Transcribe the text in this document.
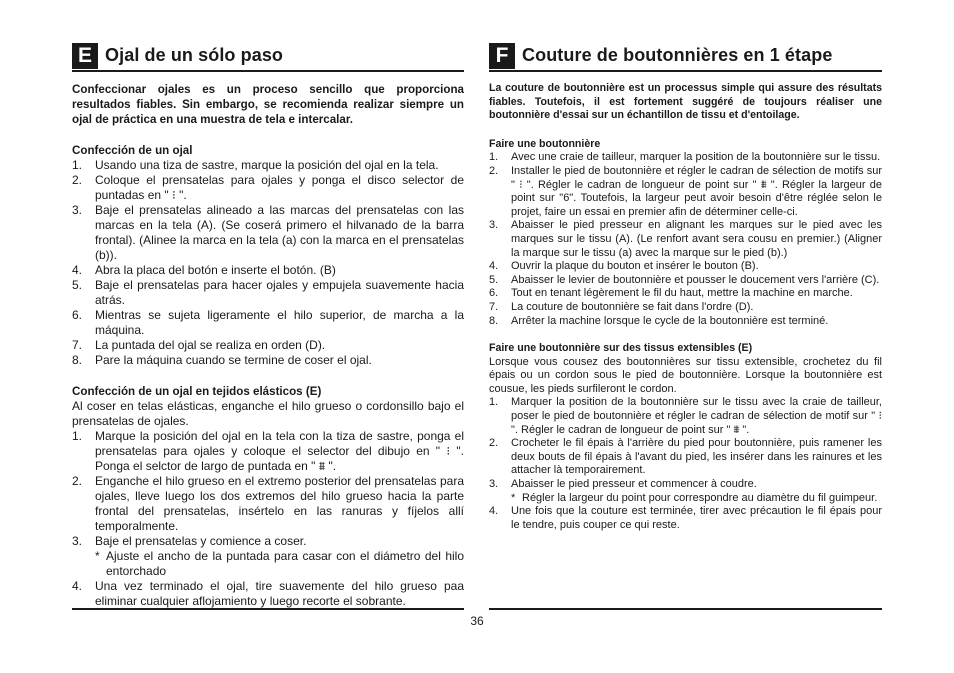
E Ojal de un sólo paso

Confeccionar ojales es un proceso sencillo que proporciona resultados fiables. Sin embargo, se recomienda realizar siempre un ojal de práctica en una muestra de tela e intercalar.

Confección de un ojal

1. Usando una tiza de sastre, marque la posición del ojal en la tela.
2. Coloque el prensatelas para ojales y ponga el disco selector de puntadas en " ⁝ ".
3. Baje el prensatelas alineado a las marcas del prensatelas con las marcas en la tela (A). (Se coserá primero el hilvanado de la barra frontal). (Alinee la marca en la tela (a) con la marca en el prensatelas (b)).
4. Abra la placa del botón e inserte el botón. (B)
5. Baje el prensatelas para hacer ojales y empujela suavemente hacia atrás.
6. Mientras se sujeta ligeramente el hilo superior, de marcha a la máquina.
7. La puntada del ojal se realiza en orden (D).
8. Pare la máquina cuando se termine de coser el ojal.

Confección de un ojal en tejidos elásticos (E)

Al coser en telas elásticas, enganche el hilo grueso o cordonsillo bajo el prensatelas de ojales.

1. Marque la posición del ojal en la tela con la tiza de sastre, ponga el prensatelas para ojales y coloque el selector del dibujo en " ⁝ ". Ponga el selctor de largo de puntada en " ⩩ ".
2. Enganche el hilo grueso en el extremo posterior del prensatelas para ojales, lleve luego los dos extremos del hilo grueso hacia la parte frontal del prensatelas, insértelo en las ranuras y fíjelos allí temporalmente.
3. Baje el prensatelas y comience a coser.
* Ajuste el ancho de la puntada para casar con el diámetro del hilo entorchado
4. Una vez terminado el ojal, tire suavemente del hilo grueso paa eliminar cualquier aflojamiento y luego recorte el sobrante.
F Couture de boutonnières en 1 étape

La couture de boutonnière est un processus simple qui assure des résultats fiables. Toutefois, il est fortement suggéré de toujours réaliser une boutonnière d'essai sur un échantillon de tissu et d'entoilage.

Faire une boutonnière

1. Avec une craie de tailleur, marquer la position de la boutonnière sur le tissu.
2. Installer le pied de boutonnière et régler le cadran de sélection de motifs sur " ⁝ ". Régler le cadran de longueur de point sur " ⩩ ". Régler la largeur de point sur "6". Toutefois, la largeur peut avoir besoin d'être réglée selon le projet, faire un essai en premier afin de déterminer celle-ci.
3. Abaisser le pied presseur en alignant les marques sur le pied avec les marques sur le tissu (A). (Le renfort avant sera cousu en premier.) (Aligner la marque sur le tissu (a) avec la marque sur le pied (b).)
4. Ouvrir la plaque du bouton et insérer le bouton (B).
5. Abaisser le levier de boutonnière et pousser le doucement vers l'arrière (C).
6. Tout en tenant légèrement le fil du haut, mettre la machine en marche.
7. La couture de boutonnière se fait dans l'ordre (D).
8. Arrêter la machine lorsque le cycle de la boutonnière est terminé.

Faire une boutonnière sur des tissus extensibles (E)

Lorsque vous cousez des boutonnières sur tissu extensible, crochetez du fil épais ou un cordon sous le pied de boutonnière. Lorsque la boutonnière est cousue, les pieds surfileront le cordon.

1. Marquer la position de la boutonnière sur le tissu avec la craie de tailleur, poser le pied de boutonnière et régler le cadran de sélection de motif sur " ⁝ ". Régler le cadran de longueur de point sur " ⩩ ".
2. Crocheter le fil épais à l'arrière du pied pour boutonnière, puis ramener les deux bouts de fil épais à l'avant du pied, les insérer dans les rainures et les attacher là temporairement.
3. Abaisser le pied presseur et commencer à coudre.
* Régler la largeur du point pour correspondre au diamètre du fil guimpeur.
4. Une fois que la couture est terminée, tirer avec précaution le fil épais pour le tendre, puis couper ce qui reste.
36
